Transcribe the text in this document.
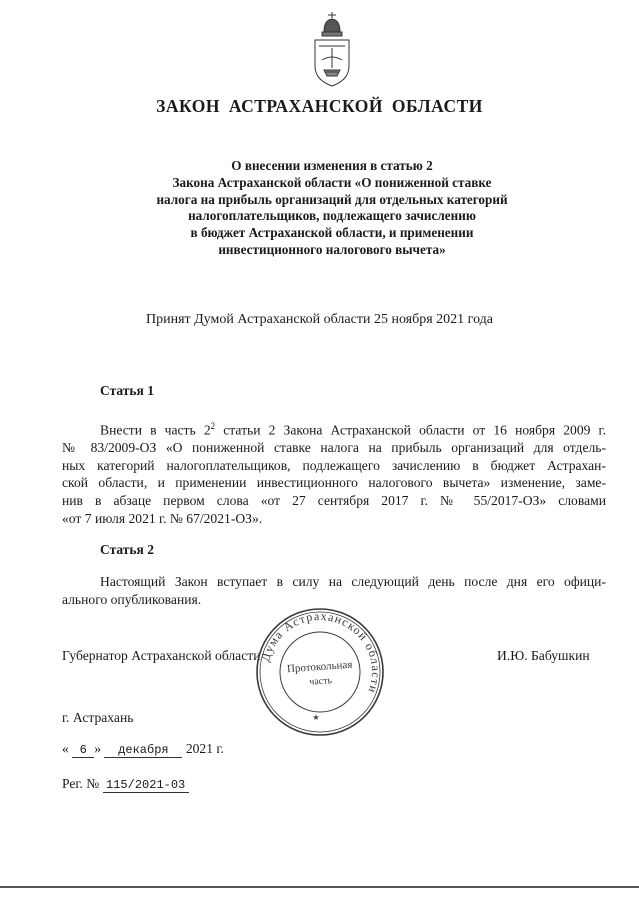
ЗАКОН АСТРАХАНСКОЙ ОБЛАСТИ
О внесении изменения в статью 2
Закона Астраханской области «О пониженной ставке
налога на прибыль организаций для отдельных категорий
налогоплательщиков, подлежащего зачислению
в бюджет Астраханской области, и применении
инвестиционного налогового вычета»
Принят Думой Астраханской области 25 ноября 2021 года
Статья 1
Внести в часть $2^2$ статьи 2 Закона Астраханской области от 16 ноября 2009 г.
№ 83/2009-ОЗ «О пониженной ставке налога на прибыль организаций для отдель-
ных категорий налогоплательщиков, подлежащего зачислению в бюджет Астрахан-
ской области, и применении инвестиционного налогового вычета» изменение, заме-
нив в абзаце первом слова «от 27 сентября 2017 г. № 55/2017-ОЗ» словами
«от 7 июля 2021 г. № 67/2021-ОЗ».
Статья 2
Настоящий Закон вступает в силу на следующий день после дня его офици-
ального опубликования.
Губернатор Астраханской области	И.Ю. Бабушкин
Дума Астраханской области
Протокольная
часть
★
г. Астрахань
« 6 » декабря 2021 г.
Рег. № 115/2021-03
